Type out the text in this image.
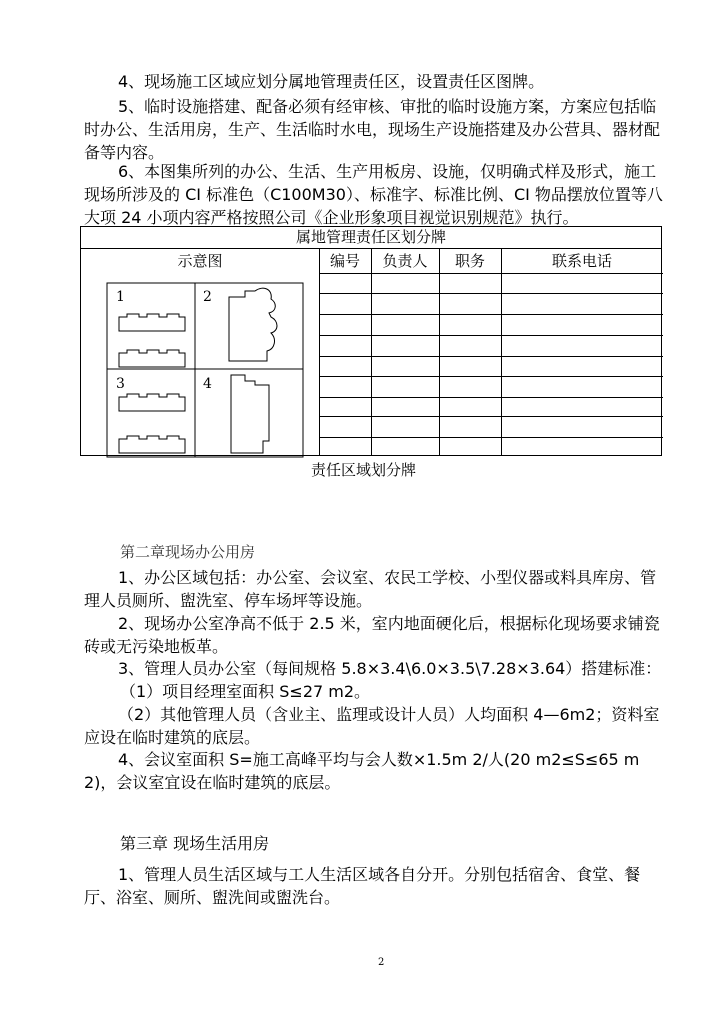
4、现场施工区域应划分属地管理责任区，设置责任区图牌。

5、临时设施搭建、配备必须有经审核、审批的临时设施方案，方案应包括临时办公、生活用房，生产、生活临时水电，现场生产设施搭建及办公营具、器材配备等内容。

6、本图集所列的办公、生活、生产用板房、设施，仅明确式样及形式，施工现场所涉及的 CI 标准色（C100M30）、标准字、标准比例、CI 物品摆放位置等八大项 24 小项内容严格按照公司《企业形象项目视觉识别规范》执行。

属地管理责任区划分牌
示意图	编号	负责人	职务	联系电话
1	2
3	4
责任区域划分牌
第二章现场办公用房

1、办公区域包括：办公室、会议室、农民工学校、小型仪器或料具库房、管理人员厕所、盥洗室、停车场坪等设施。

2、现场办公室净高不低于 2.5 米，室内地面硬化后，根据标化现场要求铺瓷砖或无污染地板革。

3、管理人员办公室（每间规格 5.8×3.4\6.0×3.5\7.28×3.64）搭建标准：

（1）项目经理室面积 S≤27 m2。

（2）其他管理人员（含业主、监理或设计人员）人均面积 4—6m2；资料室应设在临时建筑的底层。

4、会议室面积 S=施工高峰平均与会人数×1.5m 2/人(20 m2≤S≤65 m2)，会议室宜设在临时建筑的底层。

第三章 现场生活用房

1、管理人员生活区域与工人生活区域各自分开。分别包括宿舍、食堂、餐厅、浴室、厕所、盥洗间或盥洗台。

2
